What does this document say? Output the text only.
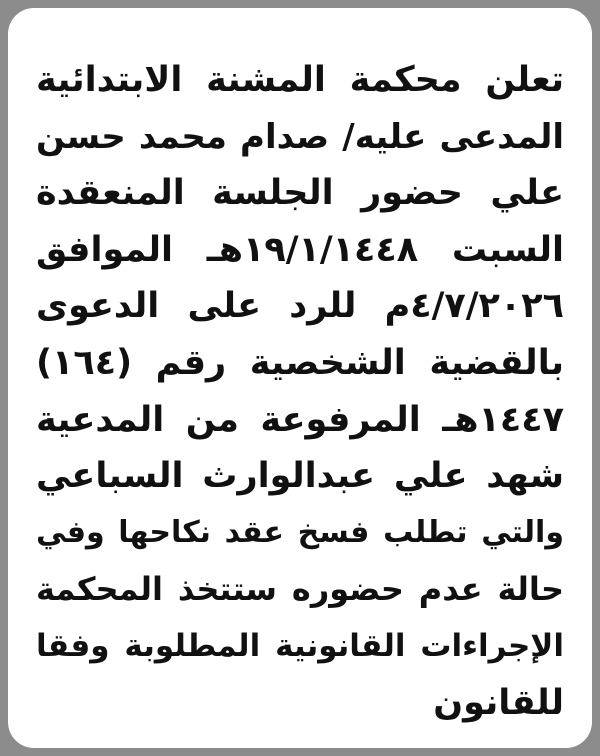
تعلن محكمة المشنة الابتدائية
المدعى عليه/ صدام محمد حسن
علي حضور الجلسة المنعقدة
السبت ١٩/١/١٤٤٨هـ الموافق
٤/٧/٢٠٢٦م للرد على الدعوى
بالقضية الشخصية رقم (١٦٤)
١٤٤٧هـ المرفوعة من المدعية
شهد علي عبدالوارث السباعي
والتي تطلب فسخ عقد نكاحها وفي
حالة عدم حضوره ستتخذ المحكمة
الإجراءات القانونية المطلوبة وفقا
للقانون
